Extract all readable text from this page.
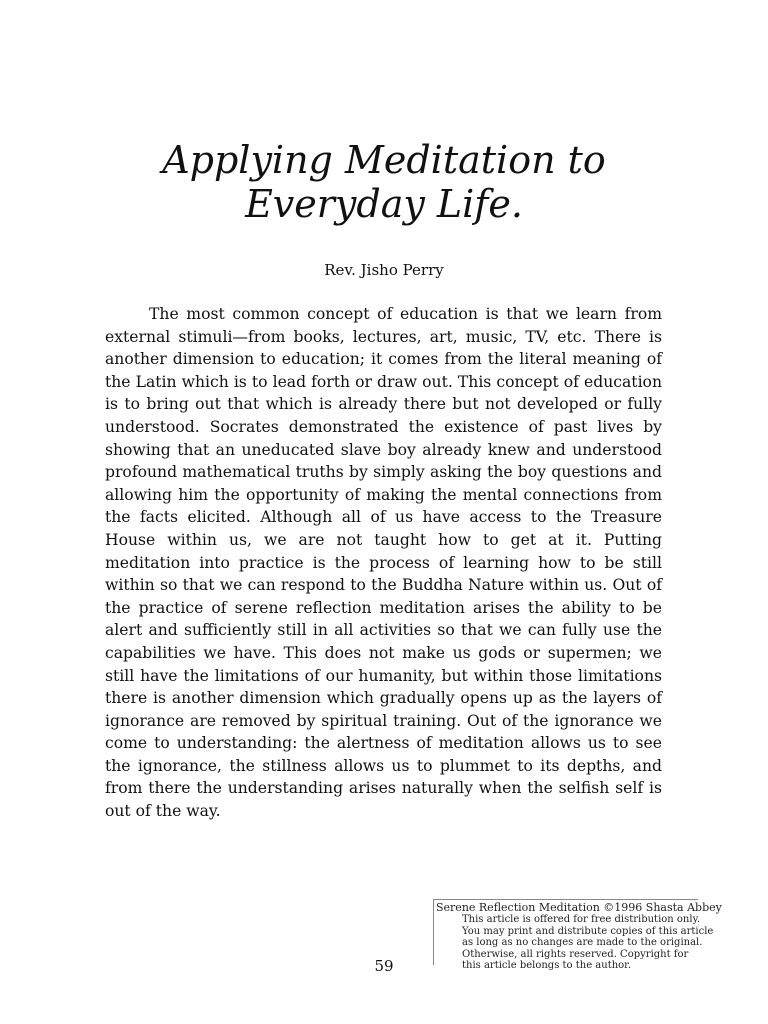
Applying Meditation to
Everyday Life.
Rev. Jisho Perry

The most common concept of education is that we learn from external stimuli—from books, lectures, art, music, TV, etc. There is another dimension to education; it comes from the literal meaning of the Latin which is to lead forth or draw out. This concept of education is to bring out that which is already there but not developed or fully understood. Socrates demonstrated the existence of past lives by showing that an uneducated slave boy already knew and understood profound mathematical truths by simply asking the boy questions and allowing him the opportunity of making the mental connections from the facts elicited. Although all of us have access to the Treasure House within us, we are not taught how to get at it. Putting meditation into practice is the process of learning how to be still within so that we can respond to the Buddha Nature within us. Out of the practice of serene reflection meditation arises the ability to be alert and sufficiently still in all activities so that we can fully use the capabilities we have. This does not make us gods or supermen; we still have the limitations of our humanity, but within those limitations there is another dimension which gradually opens up as the layers of ignorance are removed by spiritual training. Out of the ignorance we come to understanding: the alertness of meditation allows us to see the ignorance, the stillness allows us to plummet to its depths, and from there the understanding arises naturally when the selfish self is out of the way.

Serene Reflection Meditation ©1996 Shasta Abbey
This article is offered for free distribution only.
You may print and distribute copies of this article
as long as no changes are made to the original.
Otherwise, all rights reserved. Copyright for
this article belongs to the author.
59
